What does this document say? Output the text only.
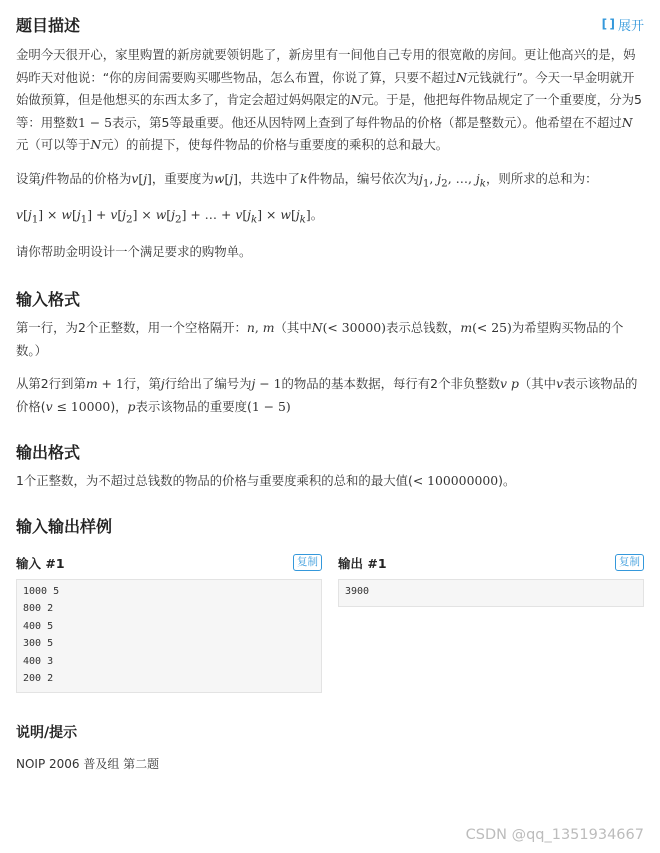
题目描述	[ ] 展开

金明今天很开心，家里购置的新房就要领钥匙了，新房里有一间他自己专用的很宽敞的房间。更让他高兴的是，妈妈昨天对他说：“你的房间需要购买哪些物品，怎么布置，你说了算，只要不超过N元钱就行”。今天一早金明就开始做预算，但是他想买的东西太多了，肯定会超过妈妈限定的N元。于是，他把每件物品规定了一个重要度，分为5等：用整数1 − 5表示，第5等最重要。他还从因特网上查到了每件物品的价格（都是整数元）。他希望在不超过N元（可以等于N元）的前提下，使每件物品的价格与重要度的乘积的总和最大。

设第j件物品的价格为v[j]，重要度为w[j]，共选中了k件物品，编号依次为$j_1$, $j_2$, …, $j_k$，则所求的总和为：

$v[j_1] \times w[j_1] + v[j_2] \times w[j_2]$ + … + $v[j_k] \times w[j_k]$。

请你帮助金明设计一个满足要求的购物单。

输入格式

第一行，为2个正整数，用一个空格隔开：n, m（其中N(< 30000)表示总钱数，m(< 25)为希望购买物品的个数。）

从第2行到第m + 1行，第j行给出了编号为j − 1的物品的基本数据，每行有2个非负整数v p（其中v表示该物品的价格(v ≤ 10000)，p表示该物品的重要度(1 − 5)

输出格式

1个正整数，为不超过总钱数的物品的价格与重要度乘积的总和的最大值(< 100000000)。

输入输出样例
输入 #1	复制
1000 5
800 2
400 5
300 5
400 3
200 2
输出 #1	复制
3900
说明/提示

NOIP 2006 普及组 第二题

CSDN @qq_1351934667
